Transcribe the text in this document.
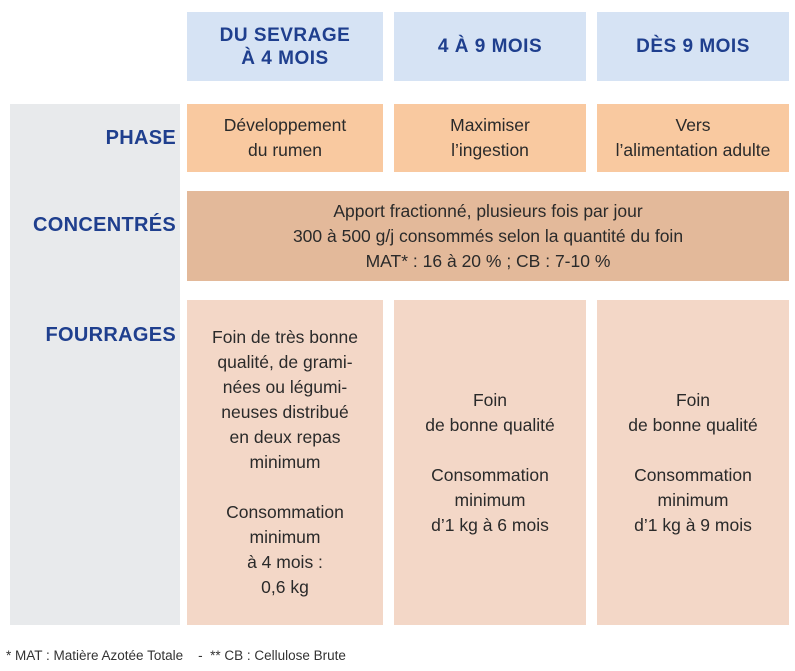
DU SEVRAGE
À 4 MOIS
4 À 9 MOIS	DÈS 9 MOIS
PHASE
CONCENTRÉS
FOURRAGES
Développement
du rumen
Maximiser
l’ingestion
Vers
l’alimentation adulte
Apport fractionné, plusieurs fois par jour
300 à 500 g/j consommés selon la quantité du foin
MAT* : 16 à 20 % ; CB : 7-10 %
Foin de très bonne
qualité, de grami-
nées ou légumi-
neuses distribué
en deux repas
minimum

Consommation
minimum
à 4 mois :
0,6 kg
Foin
de bonne qualité

Consommation
minimum
d’1 kg à 6 mois
Foin
de bonne qualité

Consommation
minimum
d’1 kg à 9 mois
* MAT : Matière Azotée Totale    -  ** CB : Cellulose Brute
